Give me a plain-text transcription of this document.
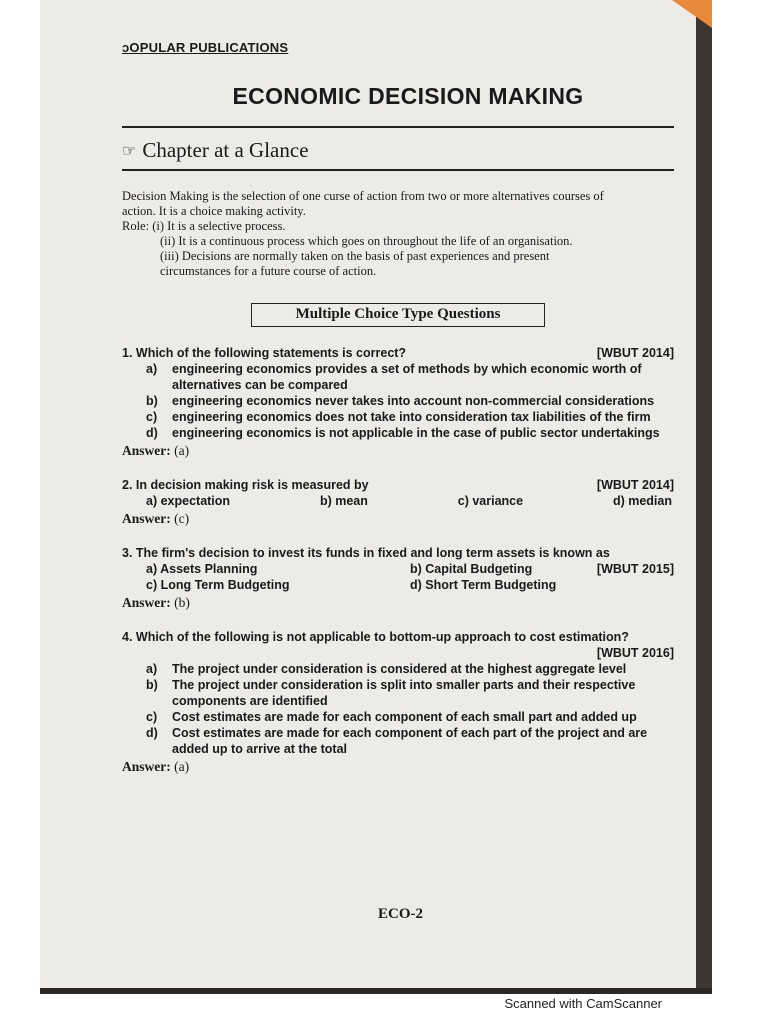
ɔOPULAR PUBLICATIONS
ECONOMIC DECISION MAKING
☞ Chapter at a Glance
Decision Making is the selection of one curse of action from two or more alternatives courses of
action. It is a choice making activity.
Role: (i) It is a selective process.
(ii) It is a continuous process which goes on throughout the life of an organisation.
(iii) Decisions are normally taken on the basis of past experiences and present
circumstances for a future course of action.
Multiple Choice Type Questions
1. Which of the following statements is correct?	[WBUT 2014]
a)	engineering economics provides a set of methods by which economic worth of alternatives can be compared
b)	engineering economics never takes into account non-commercial considerations
c)	engineering economics does not take into consideration tax liabilities of the firm
d)	engineering economics is not applicable in the case of public sector undertakings
Answer: (a)
2. In decision making risk is measured by	[WBUT 2014]
a) expectation	b) mean	c) variance	d) median
Answer: (c)
3. The firm's decision to invest its funds in fixed and long term assets is known as
a) Assets Planning	b) Capital Budgeting	[WBUT 2015]
c) Long Term Budgeting	d) Short Term Budgeting
Answer: (b)
4. Which of the following is not applicable to bottom-up approach to cost estimation?
[WBUT 2016]
a)	The project under consideration is considered at the highest aggregate level
b)	The project under consideration is split into smaller parts and their respective components are identified
c)	Cost estimates are made for each component of each small part and added up
d)	Cost estimates are made for each component of each part of the project and are added up to arrive at the total
Answer: (a)
ECO-2
Scanned with CamScanner
